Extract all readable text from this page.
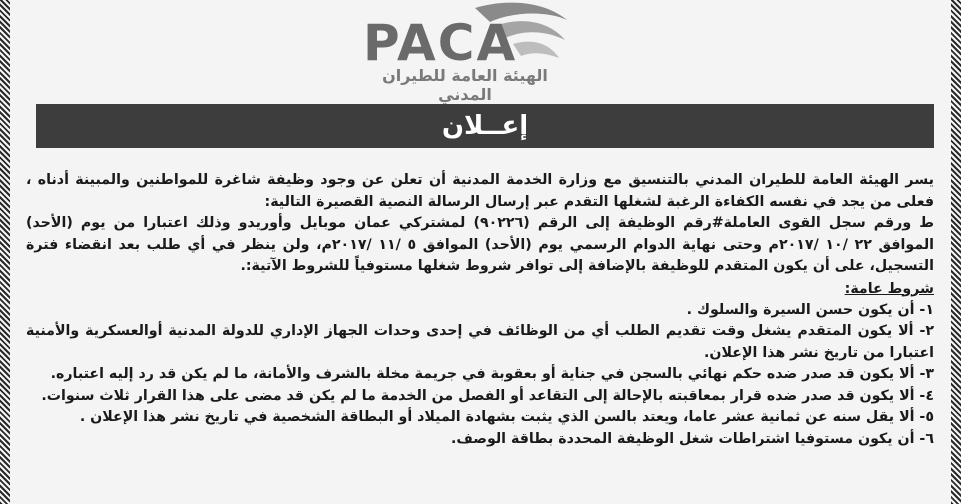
PACA
الهيئة العامة للطيران المدني
إعــلان

يسر الهيئة العامة للطيران المدني بالتنسيق مع وزارة الخدمة المدنية أن تعلن عن وجود وظيفة شاغرة للمواطنين والمبينة أدناه ، فعلى من يجد في نفسه الكفاءة الرغبة لشغلها التقدم عبر إرسال الرسالة النصية القصيرة التالية:

ط ورقم سجل القوى العاملة#رقم الوظيفة إلى الرقم (٩٠٢٢٦) لمشتركي عمان موبايل وأوريدو وذلك اعتبارا من يوم (الأحد) الموافق ٢٢ /١٠ /٢٠١٧م وحتى نهاية الدوام الرسمي يوم (الأحد) الموافق ٥ /١١ /٢٠١٧م، ولن ينظر في أي طلب بعد انقضاء فترة التسجيل، على أن يكون المتقدم للوظيفة بالإضافة إلى توافر شروط شغلها مستوفياً للشروط الآتية:.

شروط عامة:

١- أن يكون حسن السيرة والسلوك .
٢- ألا يكون المتقدم يشغل وقت تقديم الطلب أي من الوظائف في إحدى وحدات الجهاز الإداري للدولة المدنية أوالعسكرية والأمنية اعتبارا من تاريخ نشر هذا الإعلان.
٣- ألا يكون قد صدر ضده حكم نهائي بالسجن في جناية أو بعقوبة في جريمة مخلة بالشرف والأمانة، ما لم يكن قد رد إليه اعتباره.
٤- ألا يكون قد صدر ضده قرار بمعاقبته بالإحالة إلى التقاعد أو الفصل من الخدمة ما لم يكن قد مضى على هذا القرار ثلاث سنوات.
٥- ألا يقل سنه عن ثمانية عشر عاما، ويعتد بالسن الذي يثبت بشهادة الميلاد أو البطاقة الشخصية في تاريخ نشر هذا الإعلان .
٦- أن يكون مستوفيا اشتراطات شغل الوظيفة المحددة بطاقة الوصف.
